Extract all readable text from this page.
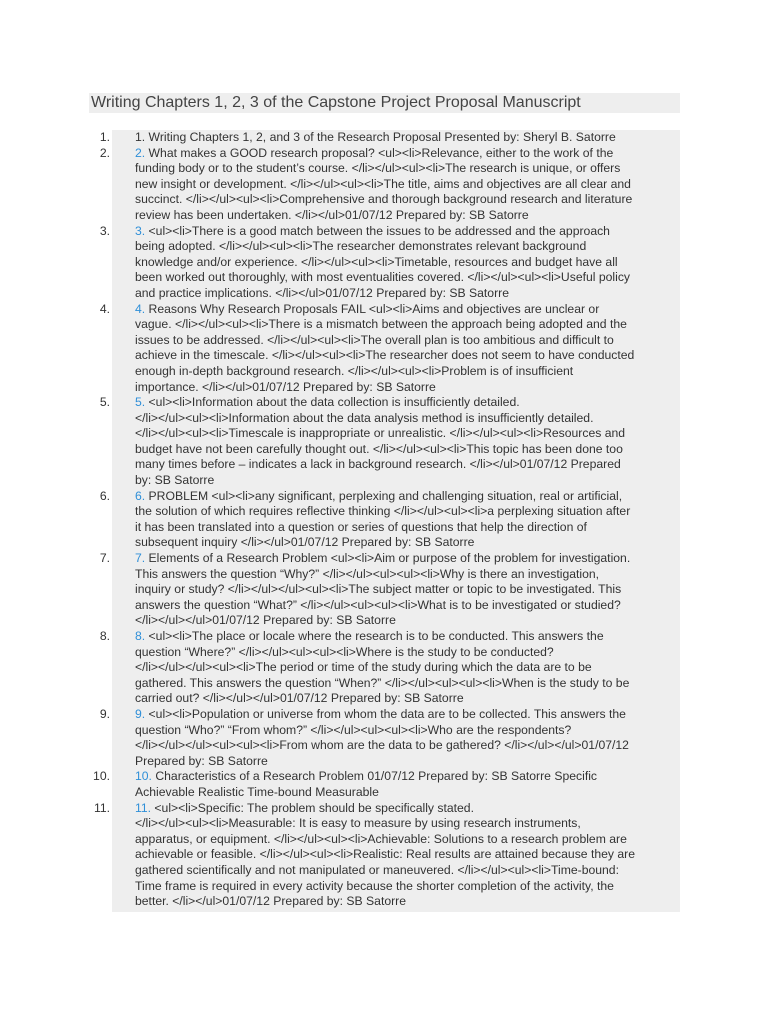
Writing Chapters 1, 2, 3 of the Capstone Project Proposal Manuscript
1. 1. Writing Chapters 1, 2, and 3 of the Research Proposal Presented by: Sheryl B. Satorre
2. 2. What makes a GOOD research proposal? <ul><li>Relevance, either to the work of the
funding body or to the student’s course. </li></ul><ul><li>The research is unique, or offers
new insight or development. </li></ul><ul><li>The title, aims and objectives are all clear and
succinct. </li></ul><ul><li>Comprehensive and thorough background research and literature
review has been undertaken. </li></ul>01/07/12 Prepared by: SB Satorre
3. 3. <ul><li>There is a good match between the issues to be addressed and the approach
being adopted. </li></ul><ul><li>The researcher demonstrates relevant background
knowledge and/or experience. </li></ul><ul><li>Timetable, resources and budget have all
been worked out thoroughly, with most eventualities covered. </li></ul><ul><li>Useful policy
and practice implications. </li></ul>01/07/12 Prepared by: SB Satorre
4. 4. Reasons Why Research Proposals FAIL <ul><li>Aims and objectives are unclear or
vague. </li></ul><ul><li>There is a mismatch between the approach being adopted and the
issues to be addressed. </li></ul><ul><li>The overall plan is too ambitious and difficult to
achieve in the timescale. </li></ul><ul><li>The researcher does not seem to have conducted
enough in-depth background research. </li></ul><ul><li>Problem is of insufficient
importance. </li></ul>01/07/12 Prepared by: SB Satorre
5. 5. <ul><li>Information about the data collection is insufficiently detailed.
</li></ul><ul><li>Information about the data analysis method is insufficiently detailed.
</li></ul><ul><li>Timescale is inappropriate or unrealistic. </li></ul><ul><li>Resources and
budget have not been carefully thought out. </li></ul><ul><li>This topic has been done too
many times before – indicates a lack in background research. </li></ul>01/07/12 Prepared
by: SB Satorre
6. 6. PROBLEM <ul><li>any significant, perplexing and challenging situation, real or artificial,
the solution of which requires reflective thinking </li></ul><ul><li>a perplexing situation after
it has been translated into a question or series of questions that help the direction of
subsequent inquiry </li></ul>01/07/12 Prepared by: SB Satorre
7. 7. Elements of a Research Problem <ul><li>Aim or purpose of the problem for investigation.
This answers the question “Why?” </li></ul><ul><ul><li>Why is there an investigation,
inquiry or study? </li></ul></ul><ul><li>The subject matter or topic to be investigated. This
answers the question “What?” </li></ul><ul><ul><li>What is to be investigated or studied?
</li></ul></ul>01/07/12 Prepared by: SB Satorre
8. 8. <ul><li>The place or locale where the research is to be conducted. This answers the
question “Where?” </li></ul><ul><ul><li>Where is the study to be conducted?
</li></ul></ul><ul><li>The period or time of the study during which the data are to be
gathered. This answers the question “When?” </li></ul><ul><ul><li>When is the study to be
carried out? </li></ul></ul>01/07/12 Prepared by: SB Satorre
9. 9. <ul><li>Population or universe from whom the data are to be collected. This answers the
question “Who?” “From whom?” </li></ul><ul><ul><li>Who are the respondents?
</li></ul></ul><ul><ul><li>From whom are the data to be gathered? </li></ul></ul>01/07/12
Prepared by: SB Satorre
10. 10. Characteristics of a Research Problem 01/07/12 Prepared by: SB Satorre Specific
Achievable Realistic Time-bound Measurable
11. 11. <ul><li>Specific: The problem should be specifically stated.
</li></ul><ul><li>Measurable: It is easy to measure by using research instruments,
apparatus, or equipment. </li></ul><ul><li>Achievable: Solutions to a research problem are
achievable or feasible. </li></ul><ul><li>Realistic: Real results are attained because they are
gathered scientifically and not manipulated or maneuvered. </li></ul><ul><li>Time-bound:
Time frame is required in every activity because the shorter completion of the activity, the
better. </li></ul>01/07/12 Prepared by: SB Satorre
